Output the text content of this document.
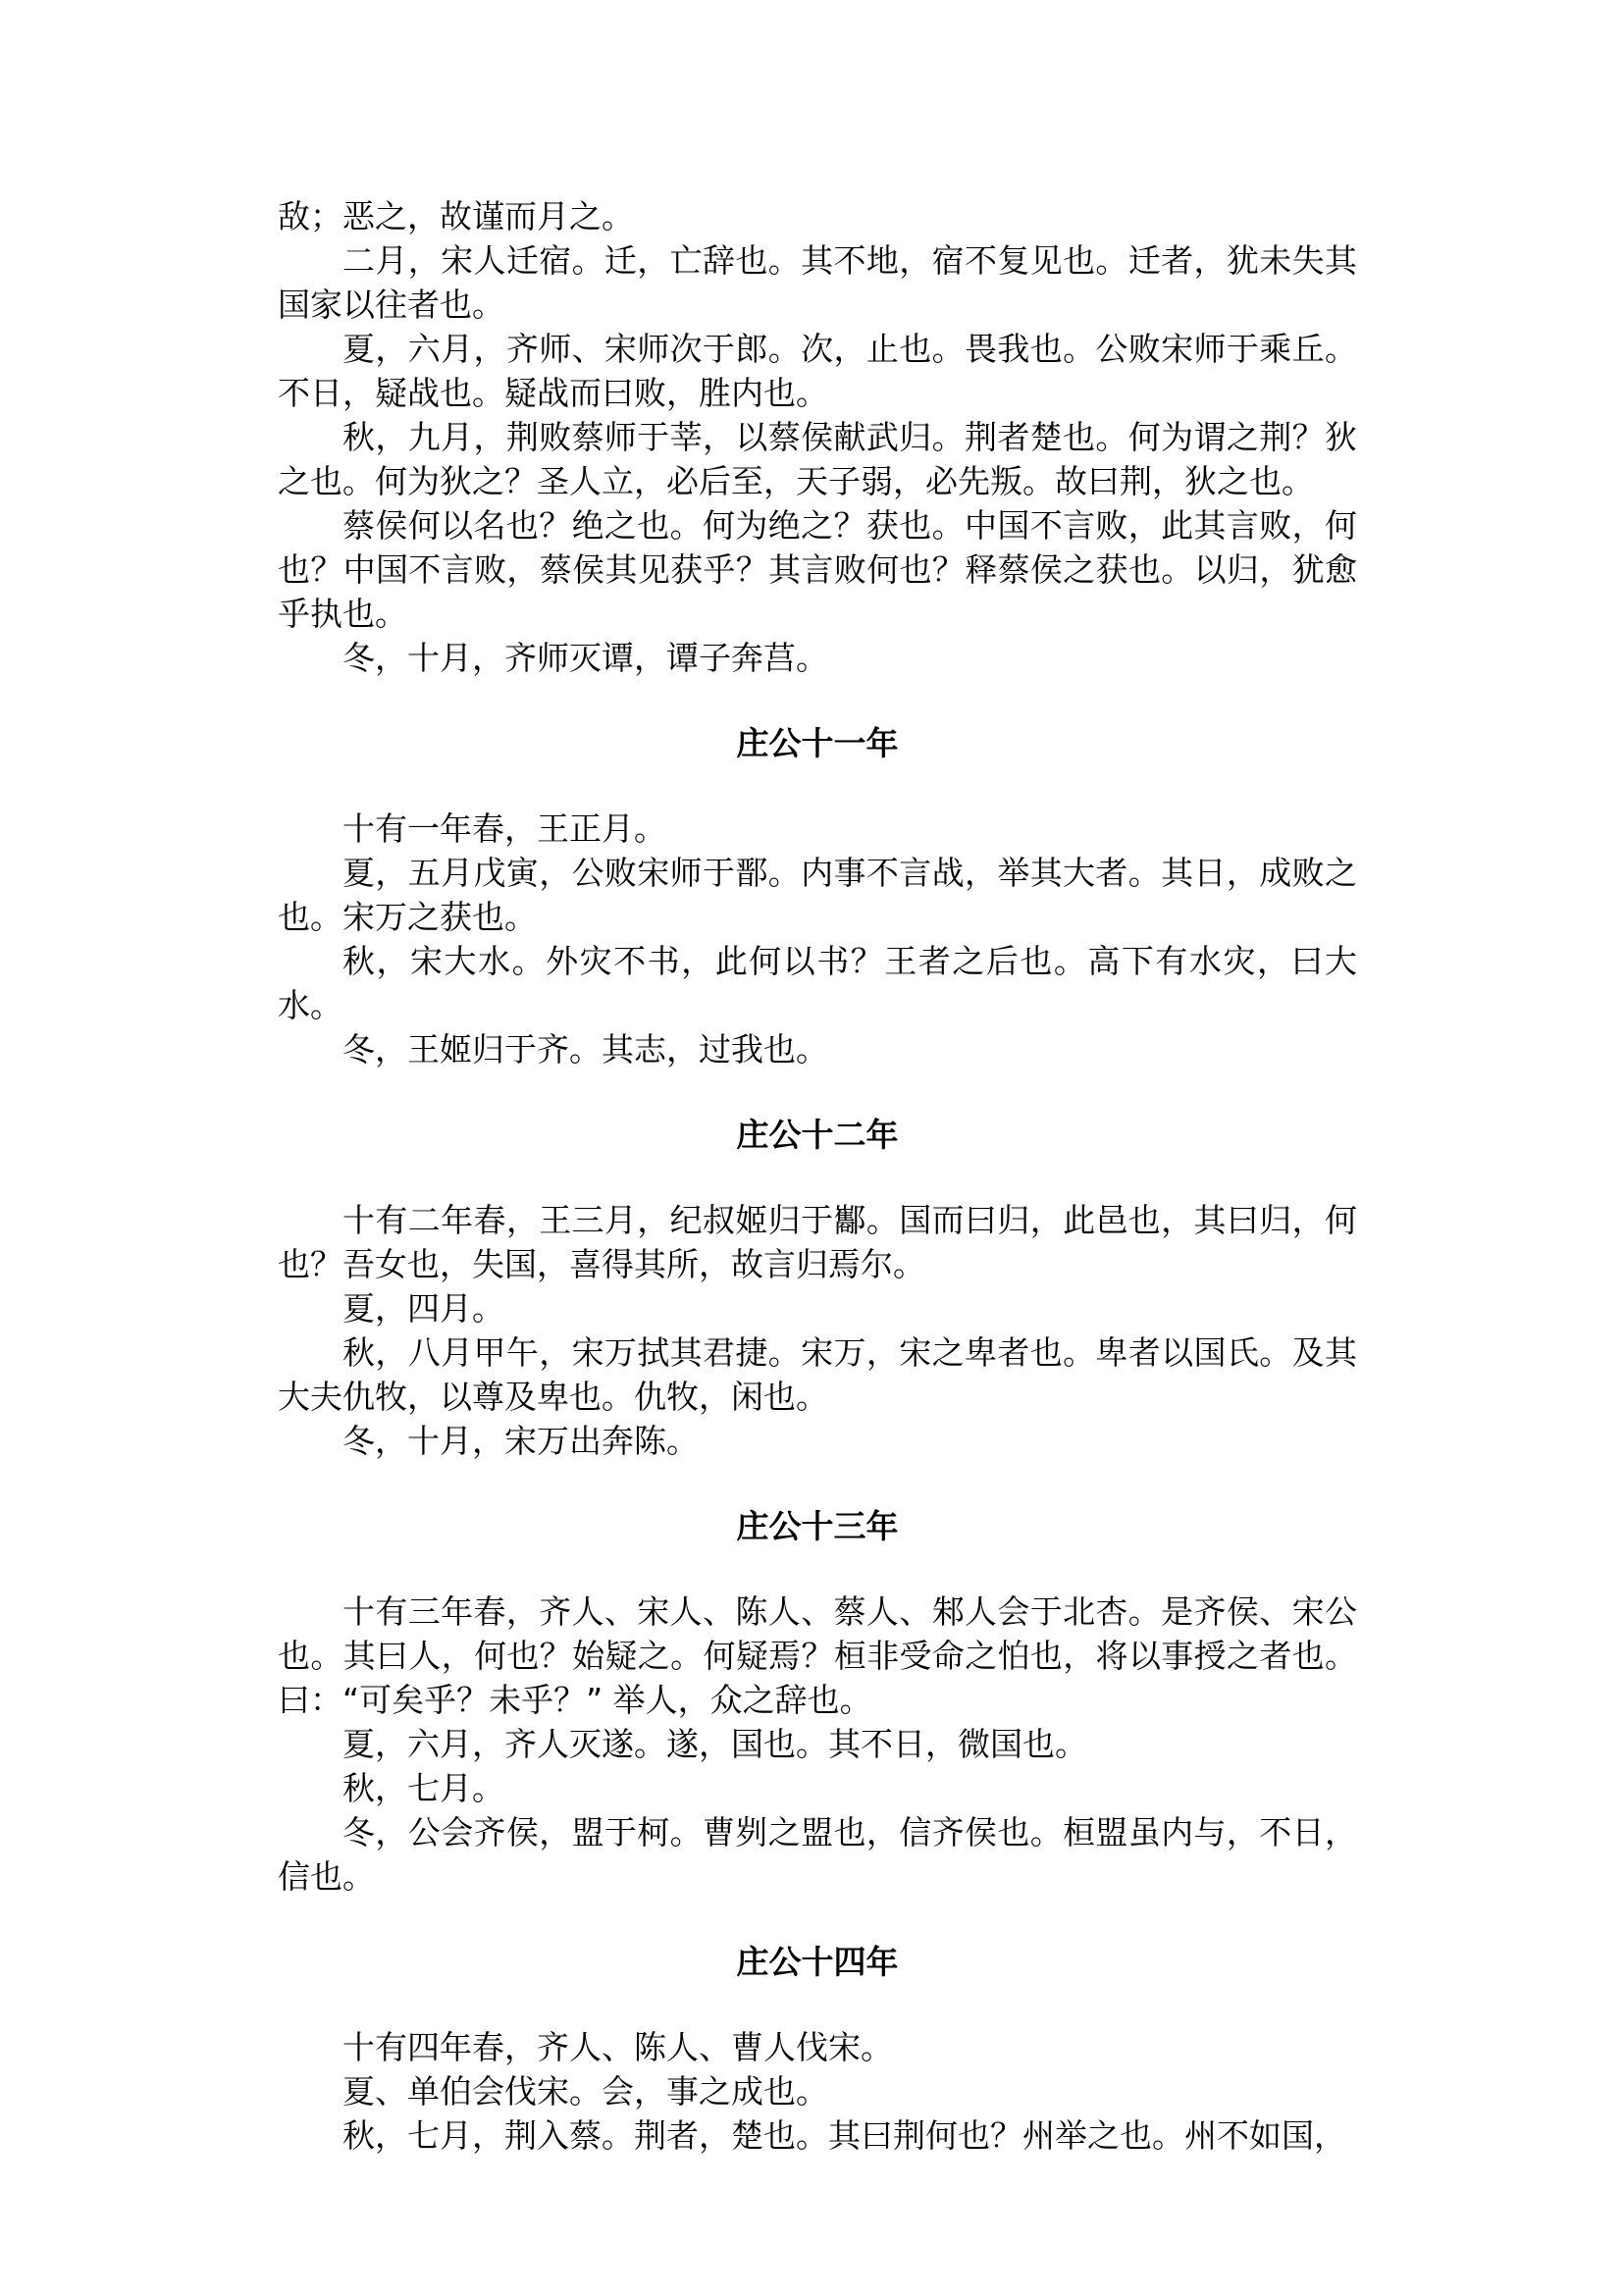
敌；恶之，故谨而月之。

二月，宋人迁宿。迁，亡辞也。其不地，宿不复见也。迁者，犹未失其国家以往者也。

夏，六月，齐师、宋师次于郎。次，止也。畏我也。公败宋师于乘丘。不日，疑战也。疑战而曰败，胜内也。

秋，九月，荆败蔡师于莘，以蔡侯献武归。荆者楚也。何为谓之荆？狄之也。何为狄之？圣人立，必后至，天子弱，必先叛。故曰荆，狄之也。

蔡侯何以名也？绝之也。何为绝之？获也。中国不言败，此其言败，何也？中国不言败，蔡侯其见获乎？其言败何也？释蔡侯之获也。以归，犹愈乎执也。

冬，十月，齐师灭谭，谭子奔莒。

庄公十一年

十有一年春，王正月。

夏，五月戊寅，公败宋师于鄑。内事不言战，举其大者。其日，成败之也。宋万之获也。

秋，宋大水。外灾不书，此何以书？王者之后也。高下有水灾，曰大水。

冬，王姬归于齐。其志，过我也。

庄公十二年

十有二年春，王三月，纪叔姬归于酅。国而曰归，此邑也，其曰归，何也？吾女也，失国，喜得其所，故言归焉尔。

夏，四月。

秋，八月甲午，宋万拭其君捷。宋万，宋之卑者也。卑者以国氏。及其大夫仇牧，以尊及卑也。仇牧，闲也。

冬，十月，宋万出奔陈。

庄公十三年

十有三年春，齐人、宋人、陈人、蔡人、邾人会于北杏。是齐侯、宋公也。其曰人，何也？始疑之。何疑焉？桓非受命之怕也，将以事授之者也。曰：“可矣乎？未乎？” 举人，众之辞也。

夏，六月，齐人灭遂。遂，国也。其不日，微国也。

秋，七月。

冬，公会齐侯，盟于柯。曹刿之盟也，信齐侯也。桓盟虽内与，不日，信也。

庄公十四年

十有四年春，齐人、陈人、曹人伐宋。

夏、单伯会伐宋。会，事之成也。

秋，七月，荆入蔡。荆者，楚也。其曰荆何也？州举之也。州不如国，
